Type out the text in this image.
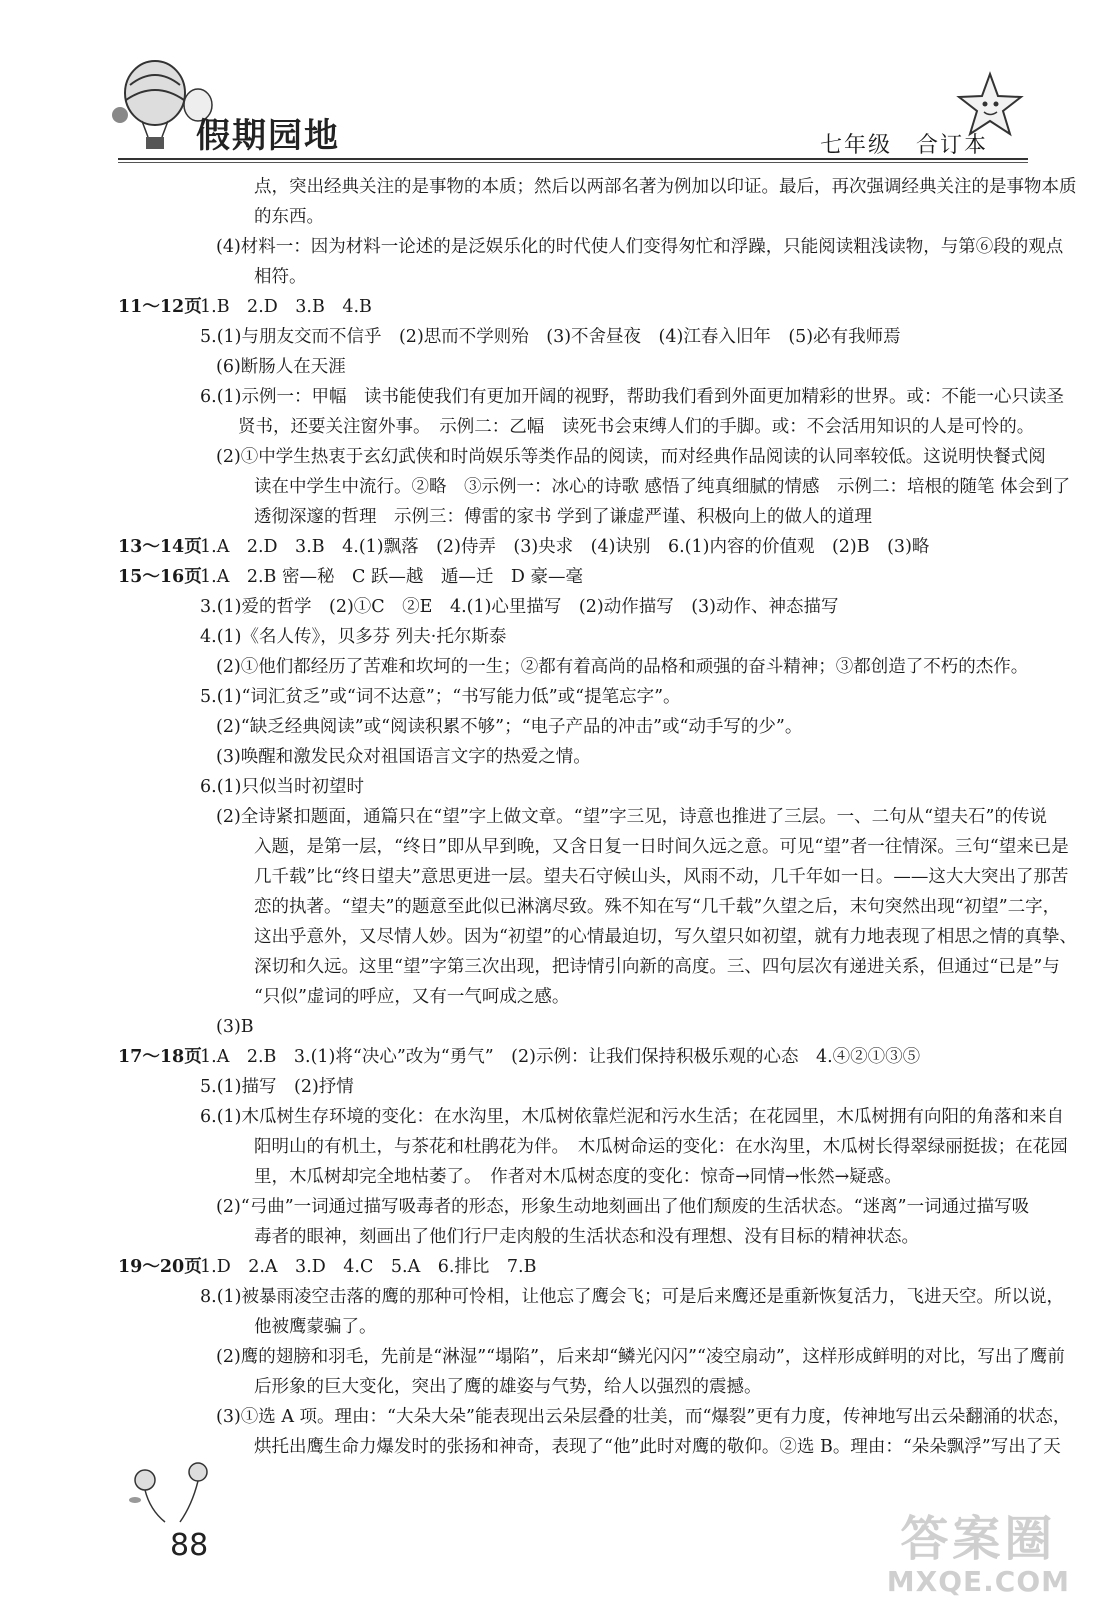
假期园地	七年级　合订本
点，突出经典关注的是事物的本质；然后以两部名著为例加以印证。最后，再次强调经典关注的是事物本质
的东西。
(4)材料一：因为材料一论述的是泛娱乐化的时代使人们变得匆忙和浮躁，只能阅读粗浅读物，与第⑥段的观点
相符。
11～12页
1.B　2.D　3.B　4.B
5.(1)与朋友交而不信乎　(2)思而不学则殆　(3)不舍昼夜　(4)江春入旧年　(5)必有我师焉
(6)断肠人在天涯
6.(1)示例一：甲幅　读书能使我们有更加开阔的视野，帮助我们看到外面更加精彩的世界。或：不能一心只读圣
贤书，还要关注窗外事。　示例二：乙幅　读死书会束缚人们的手脚。或：不会活用知识的人是可怜的。
(2)①中学生热衷于玄幻武侠和时尚娱乐等类作品的阅读，而对经典作品阅读的认同率较低。这说明快餐式阅
读在中学生中流行。②略　③示例一：冰心的诗歌 感悟了纯真细腻的情感　示例二：培根的随笔 体会到了
透彻深邃的哲理　示例三：傅雷的家书 学到了谦虚严谨、积极向上的做人的道理
13～14页
1.A　2.D　3.B　4.(1)飘落　(2)侍弄　(3)央求　(4)诀别　6.(1)内容的价值观　(2)B　(3)略
15～16页
1.A　2.B 密—秘　C 跃—越　遁—迁　D 豪—毫
3.(1)爱的哲学　(2)①C　②E　4.(1)心里描写　(2)动作描写　(3)动作、神态描写
4.(1)《名人传》，贝多芬 列夫·托尔斯泰
(2)①他们都经历了苦难和坎坷的一生；②都有着高尚的品格和顽强的奋斗精神；③都创造了不朽的杰作。
5.(1)“词汇贫乏”或“词不达意”；“书写能力低”或“提笔忘字”。
(2)“缺乏经典阅读”或“阅读积累不够”；“电子产品的冲击”或“动手写的少”。
(3)唤醒和激发民众对祖国语言文字的热爱之情。
6.(1)只似当时初望时
(2)全诗紧扣题面，通篇只在“望”字上做文章。“望”字三见，诗意也推进了三层。一、二句从“望夫石”的传说
入题，是第一层，“终日”即从早到晚，又含日复一日时间久远之意。可见“望”者一往情深。三句“望来已是
几千载”比“终日望夫”意思更进一层。望夫石守候山头，风雨不动，几千年如一日。——这大大突出了那苦
恋的执著。“望夫”的题意至此似已淋漓尽致。殊不知在写“几千载”久望之后，末句突然出现“初望”二字，
这出乎意外，又尽情人妙。因为“初望”的心情最迫切，写久望只如初望，就有力地表现了相思之情的真挚、
深切和久远。这里“望”字第三次出现，把诗情引向新的高度。三、四句层次有递进关系，但通过“已是”与
“只似”虚词的呼应，又有一气呵成之感。
(3)B
17～18页
1.A　2.B　3.(1)将“决心”改为“勇气”　(2)示例：让我们保持积极乐观的心态　4.④②①③⑤
5.(1)描写　(2)抒情
6.(1)木瓜树生存环境的变化：在水沟里，木瓜树依靠烂泥和污水生活；在花园里，木瓜树拥有向阳的角落和来自
阳明山的有机土，与茶花和杜鹃花为伴。　木瓜树命运的变化：在水沟里，木瓜树长得翠绿丽挺拔；在花园
里，木瓜树却完全地枯萎了。　作者对木瓜树态度的变化：惊奇→同情→怅然→疑惑。
(2)“弓曲”一词通过描写吸毒者的形态，形象生动地刻画出了他们颓废的生活状态。“迷离”一词通过描写吸
毒者的眼神，刻画出了他们行尸走肉般的生活状态和没有理想、没有目标的精神状态。
19～20页
1.D　2.A　3.D　4.C　5.A　6.排比　7.B
8.(1)被暴雨凌空击落的鹰的那种可怜相，让他忘了鹰会飞；可是后来鹰还是重新恢复活力，飞进天空。所以说，
他被鹰蒙骗了。
(2)鹰的翅膀和羽毛，先前是“淋湿”“塌陷”，后来却“鳞光闪闪”“凌空扇动”，这样形成鲜明的对比，写出了鹰前
后形象的巨大变化，突出了鹰的雄姿与气势，给人以强烈的震撼。
(3)①选 A 项。理由：“大朵大朵”能表现出云朵层叠的壮美，而“爆裂”更有力度，传神地写出云朵翻涌的状态，
烘托出鹰生命力爆发时的张扬和神奇，表现了“他”此时对鹰的敬仰。②选 B。理由：“朵朵飘浮”写出了天
88	答案圈
MXQE.COM
